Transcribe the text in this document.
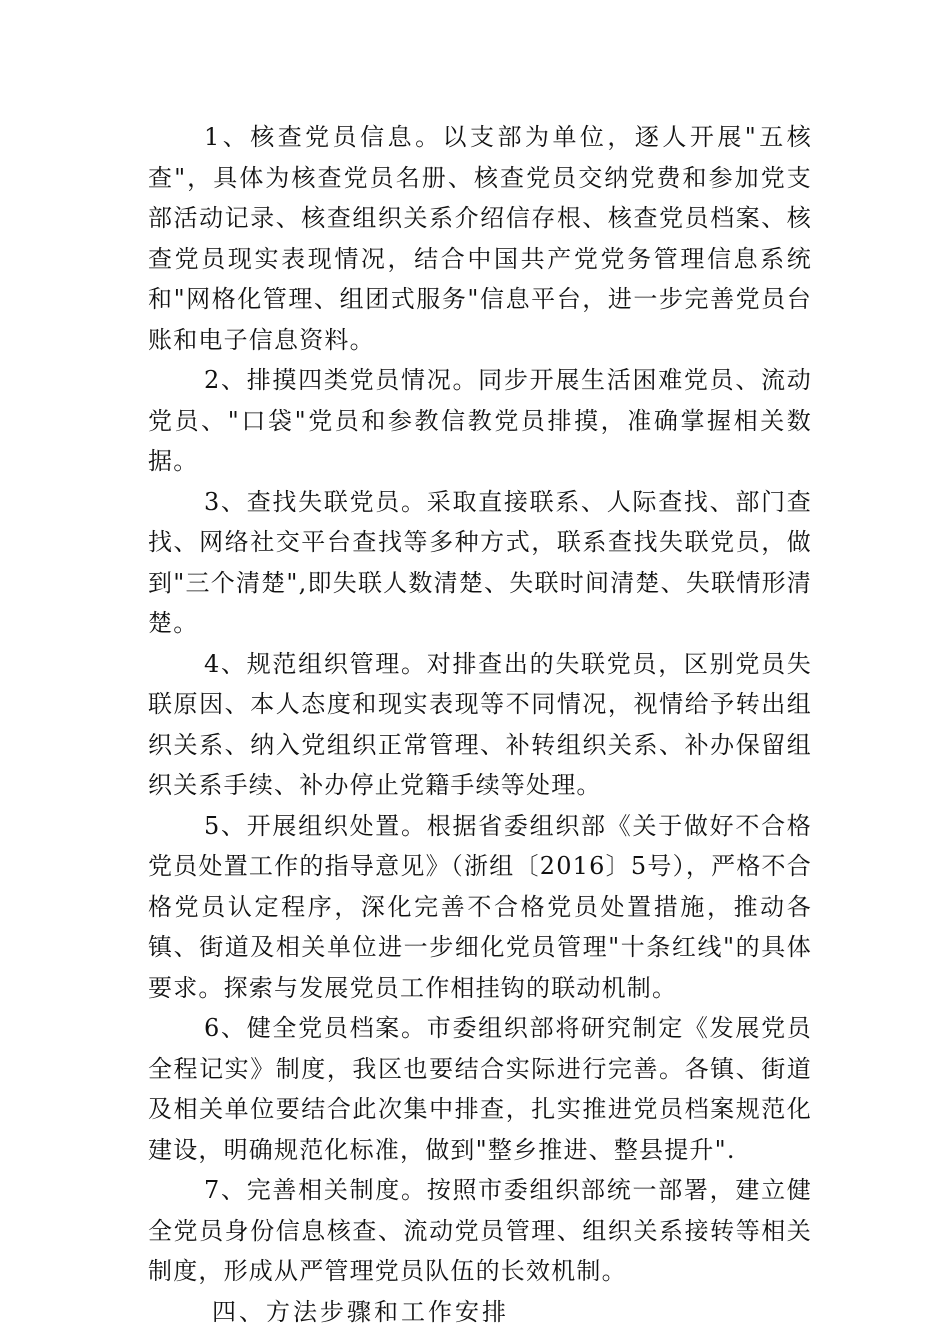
1、核查党员信息。以支部为单位，逐人开展"五核查"，具体为核查党员名册、核查党员交纳党费和参加党支部活动记录、核查组织关系介绍信存根、核查党员档案、核查党员现实表现情况，结合中国共产党党务管理信息系统和"网格化管理、组团式服务"信息平台，进一步完善党员台账和电子信息资料。

2、排摸四类党员情况。同步开展生活困难党员、流动党员、"口袋"党员和参教信教党员排摸，准确掌握相关数据。

3、查找失联党员。采取直接联系、人际查找、部门查找、网络社交平台查找等多种方式，联系查找失联党员，做到"三个清楚",即失联人数清楚、失联时间清楚、失联情形清楚。

4、规范组织管理。对排查出的失联党员，区别党员失联原因、本人态度和现实表现等不同情况，视情给予转出组织关系、纳入党组织正常管理、补转组织关系、补办保留组织关系手续、补办停止党籍手续等处理。

5、开展组织处置。根据省委组织部《关于做好不合格党员处置工作的指导意见》（浙组〔2016〕5号），严格不合格党员认定程序，深化完善不合格党员处置措施，推动各镇、街道及相关单位进一步细化党员管理"十条红线"的具体要求。探索与发展党员工作相挂钩的联动机制。

6、健全党员档案。市委组织部将研究制定《发展党员全程记实》制度，我区也要结合实际进行完善。各镇、街道及相关单位要结合此次集中排查，扎实推进党员档案规范化建设，明确规范化标准，做到"整乡推进、整县提升".

7、完善相关制度。按照市委组织部统一部署，建立健全党员身份信息核查、流动党员管理、组织关系接转等相关制度，形成从严管理党员队伍的长效机制。

四、方法步骤和工作安排
